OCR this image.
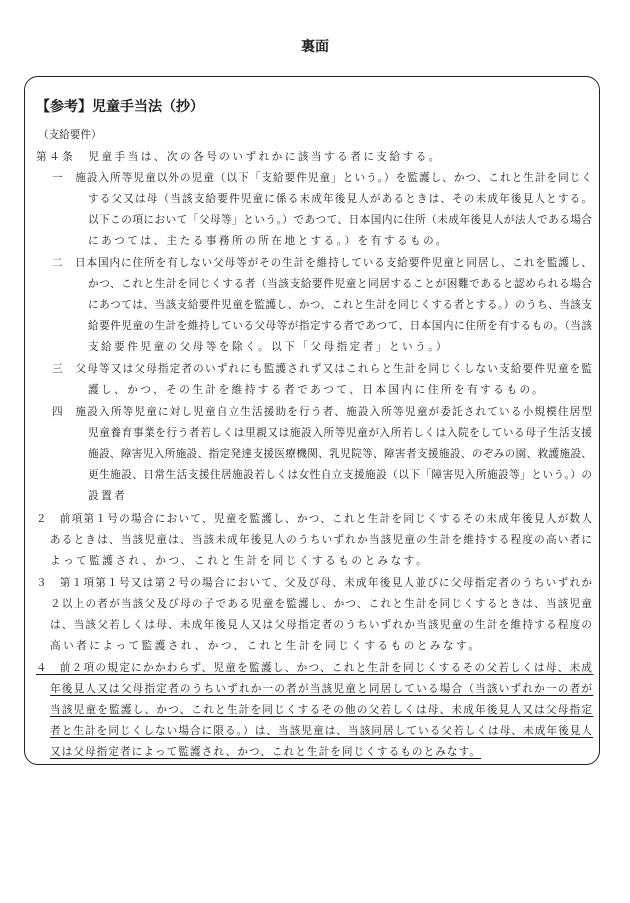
裏面
【参考】児童手当法（抄）
（支給要件）
第４条　児童手当は、次の各号のいずれかに該当する者に支給する。
一　施設入所等児童以外の児童（以下「支給要件児童」という。）を監護し、かつ、これと生計を同じく
する父又は母（当該支給要件児童に係る未成年後見人があるときは、その未成年後見人とする。
以下この項において「父母等」という。）であつて、日本国内に住所（未成年後見人が法人である場合
にあつては、主たる事務所の所在地とする。）を有するもの。
二　日本国内に住所を有しない父母等がその生計を維持している支給要件児童と同居し、これを監護し、
かつ、これと生計を同じくする者（当該支給要件児童と同居することが困難であると認められる場合
にあつては、当該支給要件児童を監護し、かつ、これと生計を同じくする者とする。）のうち、当該支
給要件児童の生計を維持している父母等が指定する者であつて、日本国内に住所を有するもの。（当該
支給要件児童の父母等を除く。以下「父母指定者」という。）
三　父母等又は父母指定者のいずれにも監護されず又はこれらと生計を同じくしない支給要件児童を監
護し、かつ、その生計を維持する者であつて、日本国内に住所を有するもの。
四　施設入所等児童に対し児童自立生活援助を行う者、施設入所等児童が委託されている小規模住居型
児童養育事業を行う者若しくは里親又は施設入所等児童が入所若しくは入院をしている母子生活支援
施設、障害児入所施設、指定発達支援医療機関、乳児院等、障害者支援施設、のぞみの園、救護施設、
更生施設、日常生活支援住居施設若しくは女性自立支援施設（以下「障害児入所施設等」という。）の
設置者
２　前項第１号の場合において、児童を監護し、かつ、これと生計を同じくするその未成年後見人が数人
あるときは、当該児童は、当該未成年後見人のうちいずれか当該児童の生計を維持する程度の高い者に
よって監護され、かつ、これと生計を同じくするものとみなす。
３　第１項第１号又は第２号の場合において、父及び母、未成年後見人並びに父母指定者のうちいずれか
２以上の者が当該父及び母の子である児童を監護し、かつ、これと生計を同じくするときは、当該児童
は、当該父若しくは母、未成年後見人又は父母指定者のうちいずれか当該児童の生計を維持する程度の
高い者によって監護され、かつ、これと生計を同じくするものとみなす。
４　前２項の規定にかかわらず、児童を監護し、かつ、これと生計を同じくするその父若しくは母、未成
年後見人又は父母指定者のうちいずれか一の者が当該児童と同居している場合（当該いずれか一の者が
当該児童を監護し、かつ、これと生計を同じくするその他の父若しくは母、未成年後見人又は父母指定
者と生計を同じくしない場合に限る。）は、当該児童は、当該同居している父若しくは母、未成年後見人
又は父母指定者によって監護され、かつ、これと生計を同じくするものとみなす。
